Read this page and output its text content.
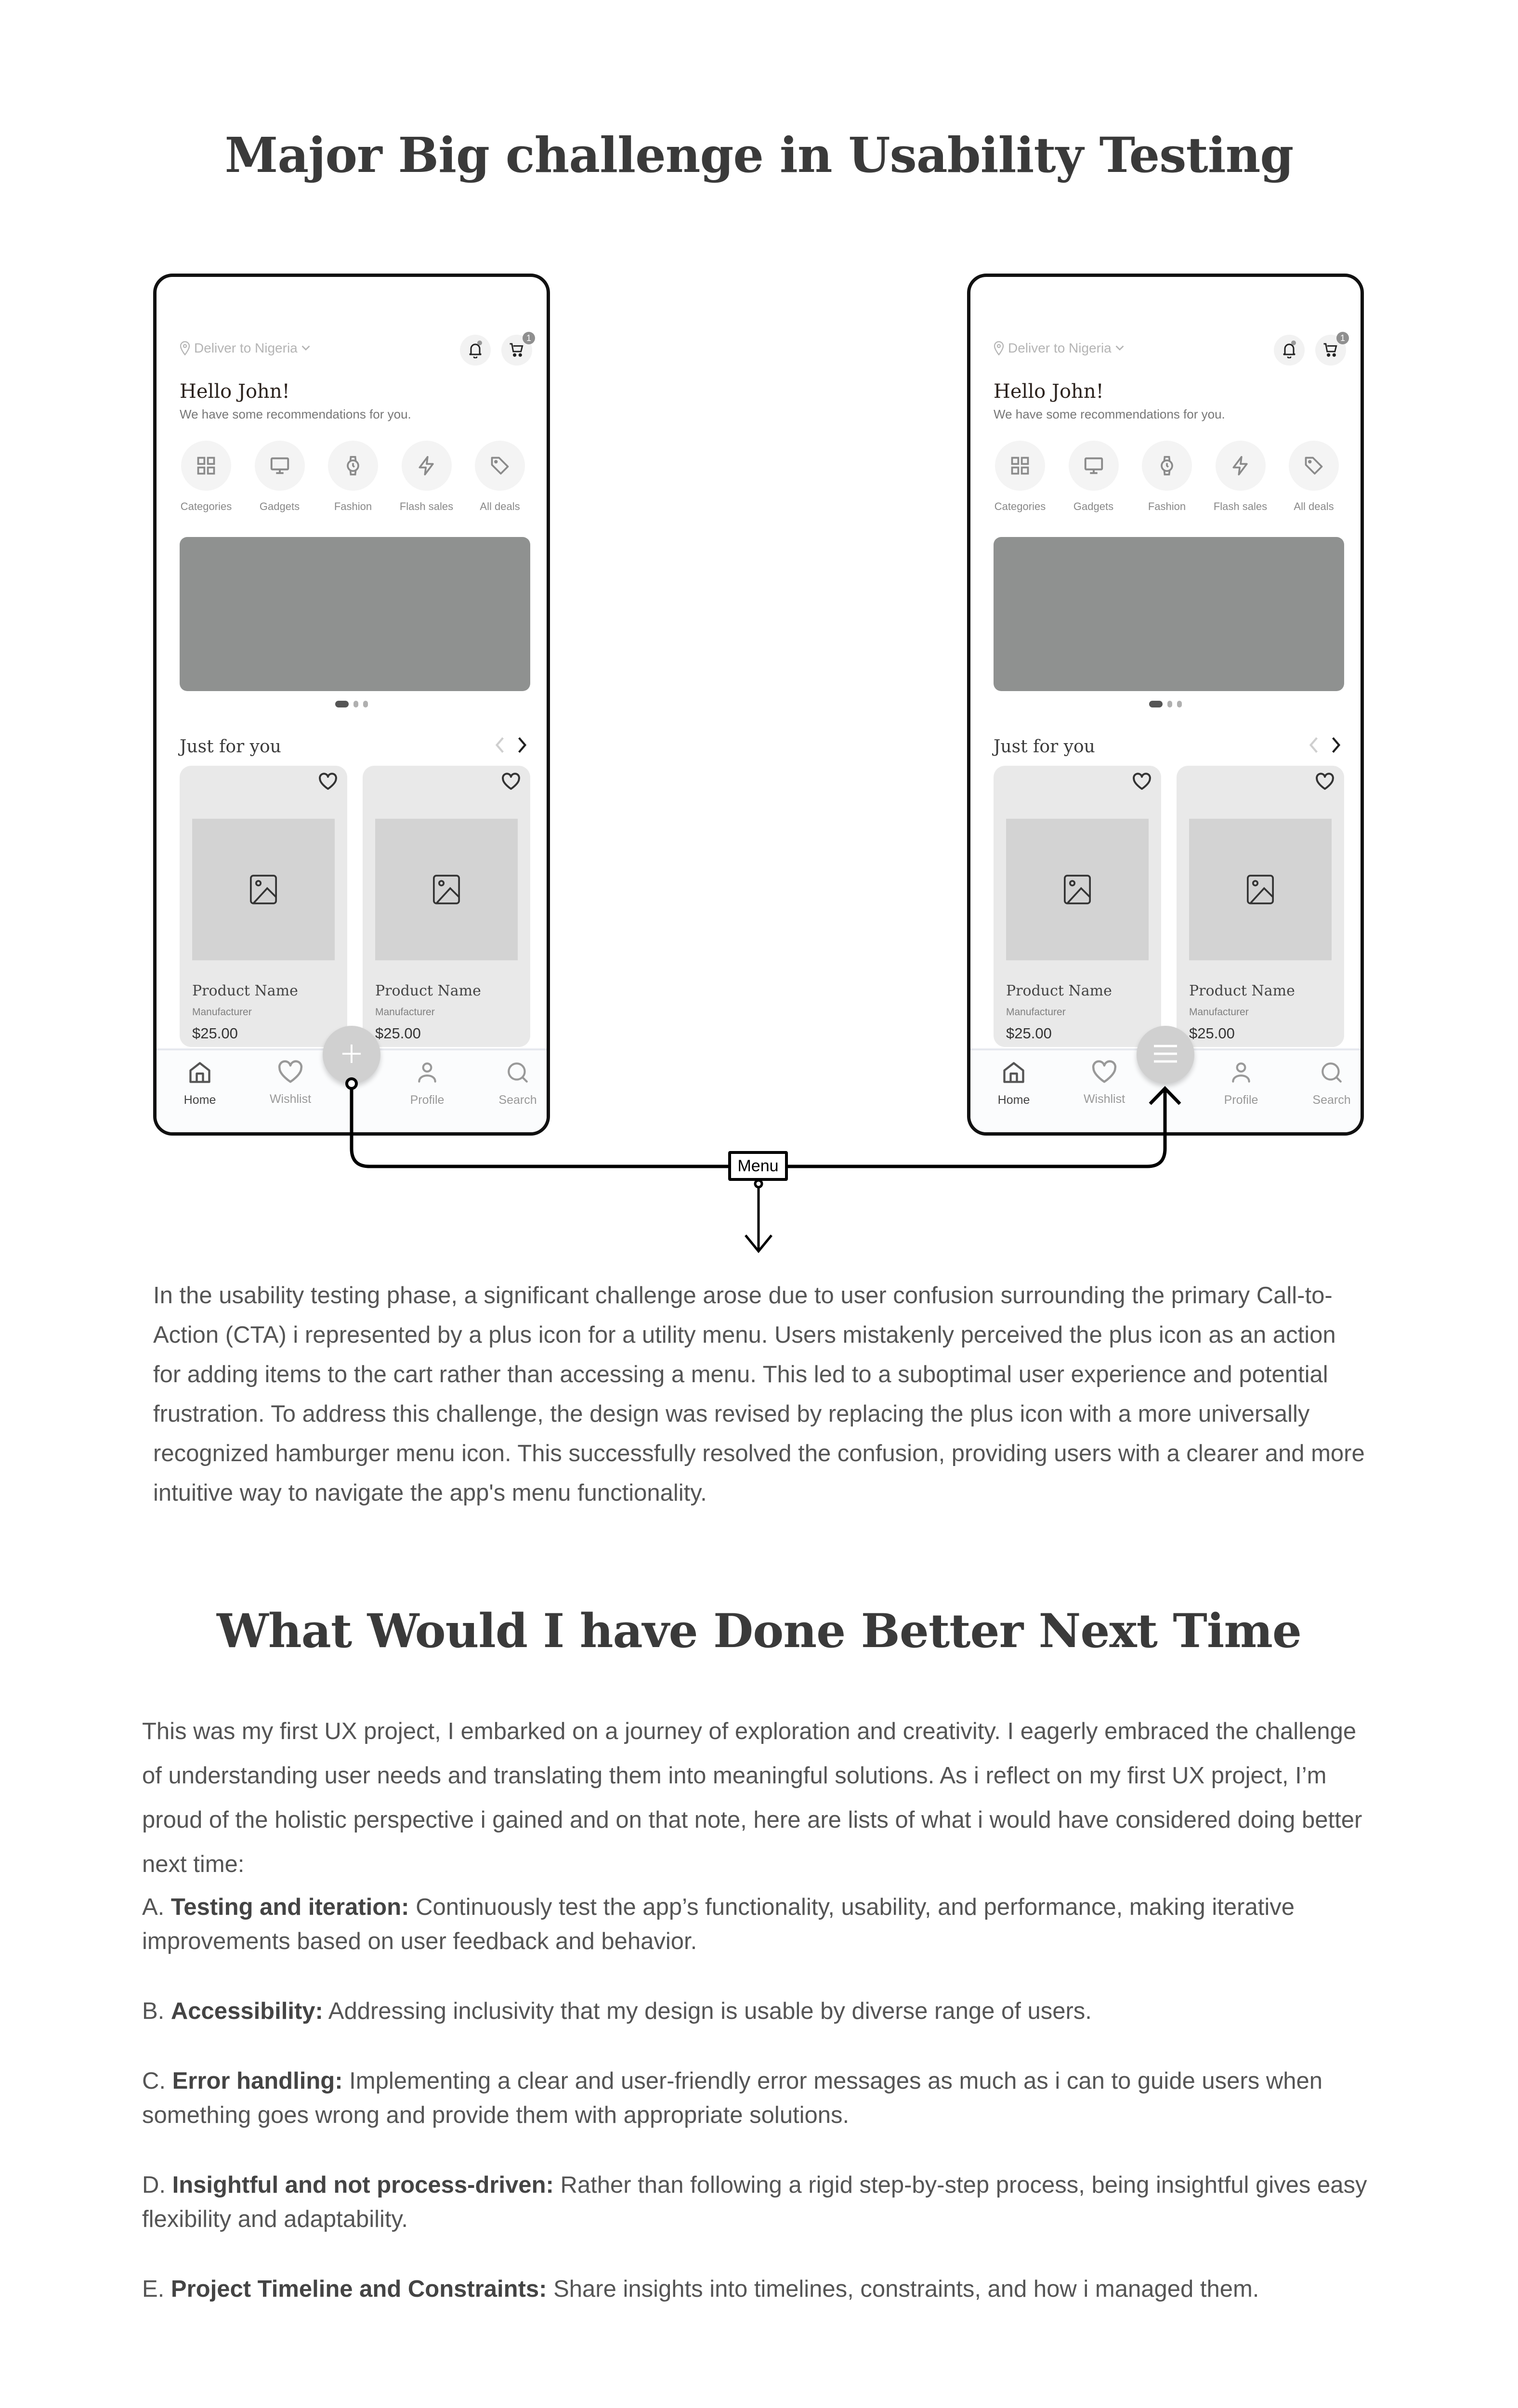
Major Big challenge in Usability Testing
Deliver to Nigeria
1
Hello John!
We have some recommendations for you.
Categories	Gadgets	Fashion	Flash sales	All deals
Just for you
Product Name
Manufacturer
$25.00
Product Name
Manufacturer
$25.00
Home	Wishlist	Profile	Search
Deliver to Nigeria
1
Hello John!
We have some recommendations for you.
Categories	Gadgets	Fashion	Flash sales	All deals
Just for you
Product Name
Manufacturer
$25.00
Product Name
Manufacturer
$25.00
Home	Wishlist	Profile	Search
Menu

In the usability testing phase, a significant challenge arose due to user confusion surrounding the primary Call-to-Action (CTA) i represented by a plus icon for a utility menu. Users mistakenly perceived the plus icon as an action for adding items to the cart rather than accessing a menu. This led to a suboptimal user experience and potential frustration. To address this challenge, the design was revised by replacing the plus icon with a more universally recognized hamburger menu icon. This successfully resolved the confusion, providing users with a clearer and more intuitive way to navigate the app's menu functionality.

What Would I have Done Better Next Time

This was my first UX project, I embarked on a journey of exploration and creativity. I eagerly embraced the challenge of understanding user needs and translating them into meaningful solutions. As i reflect on my first UX project, I’m proud of the holistic perspective i gained and on that note, here are lists of what i would have considered doing better next time:

A. Testing and iteration: Continuously test the app’s functionality, usability, and performance, making iterative improvements based on user feedback and behavior.
B. Accessibility: Addressing inclusivity that my design is usable by diverse range of users.
C. Error handling: Implementing a clear and user-friendly error messages as much as i can to guide users when something goes wrong and provide them with appropriate solutions.
D. Insightful and not process-driven: Rather than following a rigid step-by-step process, being insightful gives easy flexibility and adaptability.
E. Project Timeline and Constraints: Share insights into timelines, constraints, and how i managed them.
